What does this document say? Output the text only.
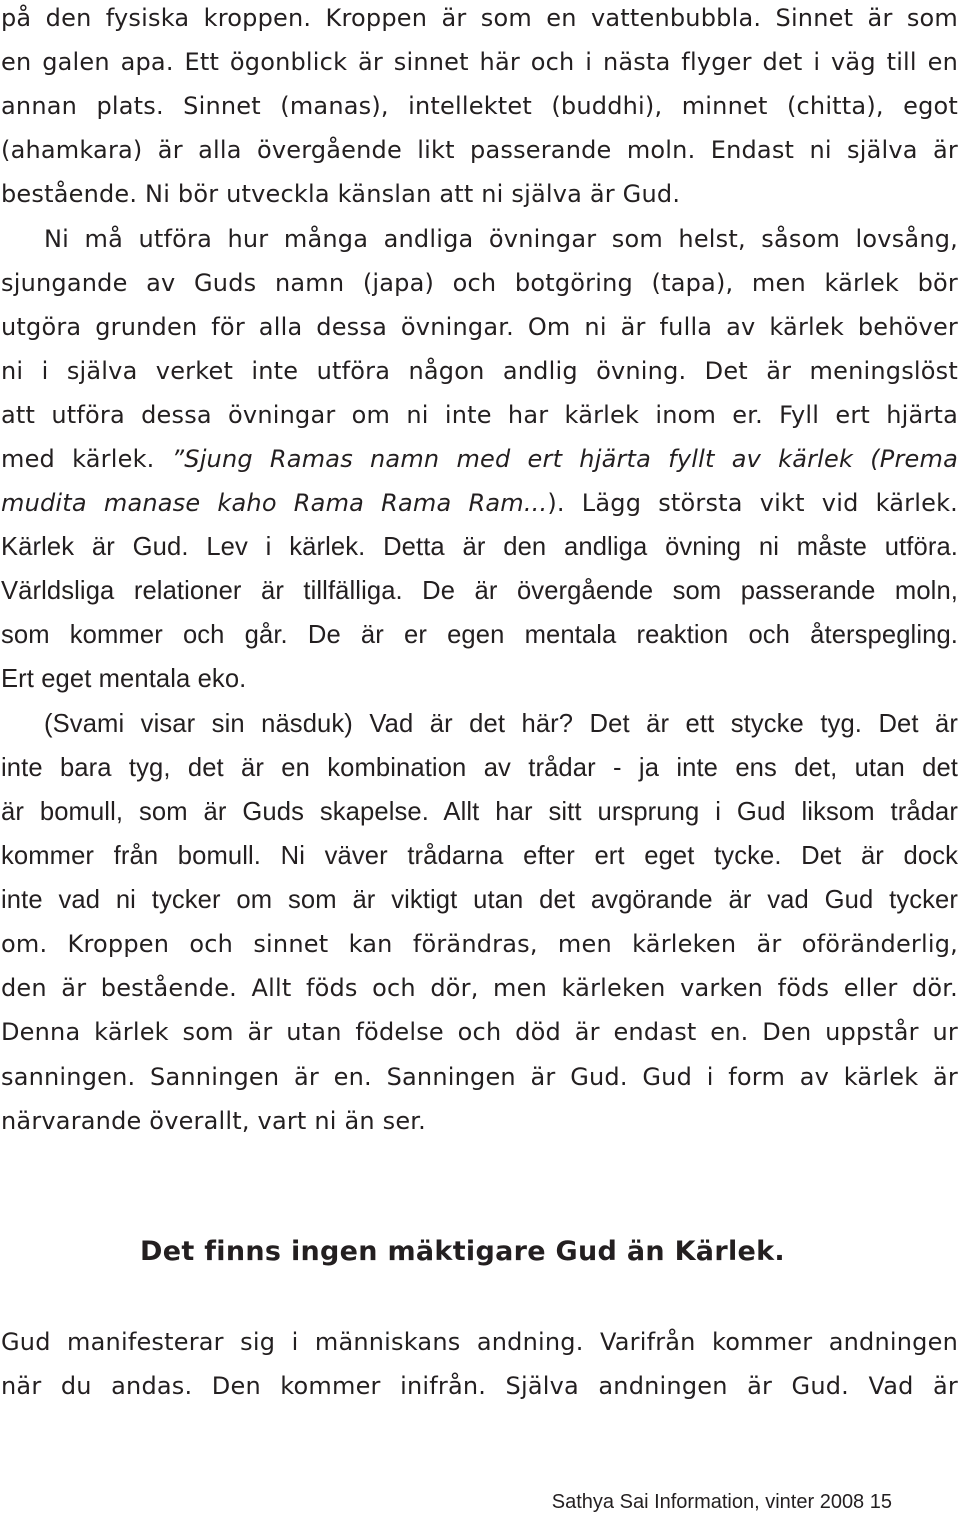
på den fysiska kroppen. Kroppen är som en vattenbubbla. Sinnet är som
en galen apa. Ett ögonblick är sinnet här och i nästa flyger det i väg till en
annan plats. Sinnet (manas), intellektet (buddhi), minnet (chitta), egot
(ahamkara) är alla övergående likt passerande moln. Endast ni själva är
bestående. Ni bör utveckla känslan att ni själva är Gud.
Ni må utföra hur många andliga övningar som helst, såsom lovsång,
sjungande av Guds namn (japa) och botgöring (tapa), men kärlek bör
utgöra grunden för alla dessa övningar. Om ni är fulla av kärlek behöver
ni i själva verket inte utföra någon andlig övning. Det är meningslöst
att utföra dessa övningar om ni inte har kärlek inom er. Fyll ert hjärta
med kärlek. ”Sjung Ramas namn med ert hjärta fyllt av kärlek (Prema
mudita manase kaho Rama Rama Ram...). Lägg största vikt vid kärlek.
Kärlek är Gud. Lev i kärlek. Detta är den andliga övning ni måste utföra.
Världsliga relationer är tillfälliga. De är övergående som passerande moln,
som kommer och går. De är er egen mentala reaktion och återspegling.
Ert eget mentala eko.
(Svami visar sin näsduk) Vad är det här? Det är ett stycke tyg. Det är
inte bara tyg, det är en kombination av trådar - ja inte ens det, utan det
är bomull, som är Guds skapelse. Allt har sitt ursprung i Gud liksom trådar
kommer från bomull. Ni väver trådarna efter ert eget tycke. Det är dock
inte vad ni tycker om som är viktigt utan det avgörande är vad Gud tycker
om. Kroppen och sinnet kan förändras, men kärleken är oföränderlig,
den är bestående. Allt föds och dör, men kärleken varken föds eller dör.
Denna kärlek som är utan födelse och död är endast en. Den uppstår ur
sanningen. Sanningen är en. Sanningen är Gud. Gud i form av kärlek är
närvarande överallt, vart ni än ser.
Det finns ingen mäktigare Gud än Kärlek.
Gud manifesterar sig i människans andning. Varifrån kommer andningen
när du andas. Den kommer inifrån. Själva andningen är Gud. Vad är
Sathya Sai Information, vinter 2008 15
